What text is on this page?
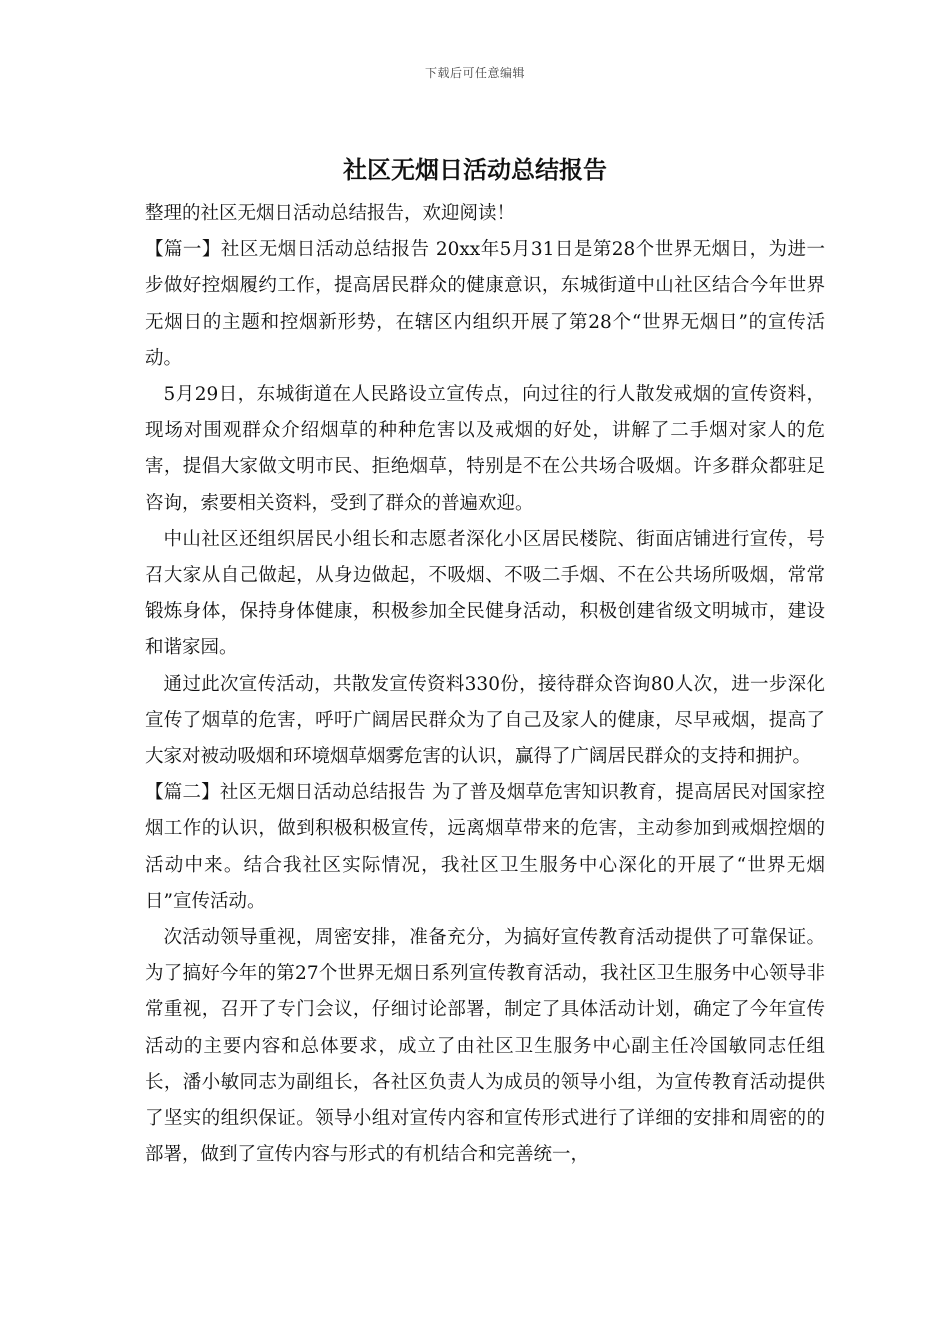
下载后可任意编辑
社区无烟日活动总结报告

整理的社区无烟日活动总结报告，欢迎阅读！

【篇一】社区无烟日活动总结报告 20xx年5月31日是第28个世界无烟日，为进一步做好控烟履约工作，提高居民群众的健康意识，东城街道中山社区结合今年世界无烟日的主题和控烟新形势，在辖区内组织开展了第28个“世界无烟日”的宣传活动。

5月29日，东城街道在人民路设立宣传点，向过往的行人散发戒烟的宣传资料，现场对围观群众介绍烟草的种种危害以及戒烟的好处，讲解了二手烟对家人的危害，提倡大家做文明市民、拒绝烟草，特别是不在公共场合吸烟。许多群众都驻足咨询，索要相关资料，受到了群众的普遍欢迎。

中山社区还组织居民小组长和志愿者深化小区居民楼院、街面店铺进行宣传，号召大家从自己做起，从身边做起，不吸烟、不吸二手烟、不在公共场所吸烟，常常锻炼身体，保持身体健康，积极参加全民健身活动，积极创建省级文明城市，建设和谐家园。

通过此次宣传活动，共散发宣传资料330份，接待群众咨询80人次，进一步深化宣传了烟草的危害，呼吁广阔居民群众为了自己及家人的健康，尽早戒烟，提高了大家对被动吸烟和环境烟草烟雾危害的认识，赢得了广阔居民群众的支持和拥护。

【篇二】社区无烟日活动总结报告 为了普及烟草危害知识教育，提高居民对国家控烟工作的认识，做到积极积极宣传，远离烟草带来的危害，主动参加到戒烟控烟的活动中来。结合我社区实际情况，我社区卫生服务中心深化的开展了“世界无烟日”宣传活动。

次活动领导重视，周密安排，准备充分，为搞好宣传教育活动提供了可靠保证。为了搞好今年的第27个世界无烟日系列宣传教育活动，我社区卫生服务中心领导非常重视，召开了专门会议，仔细讨论部署，制定了具体活动计划，确定了今年宣传活动的主要内容和总体要求，成立了由社区卫生服务中心副主任冷国敏同志任组长，潘小敏同志为副组长，各社区负责人为成员的领导小组，为宣传教育活动提供了坚实的组织保证。领导小组对宣传内容和宣传形式进行了详细的安排和周密的的部署，做到了宣传内容与形式的有机结合和完善统一，
